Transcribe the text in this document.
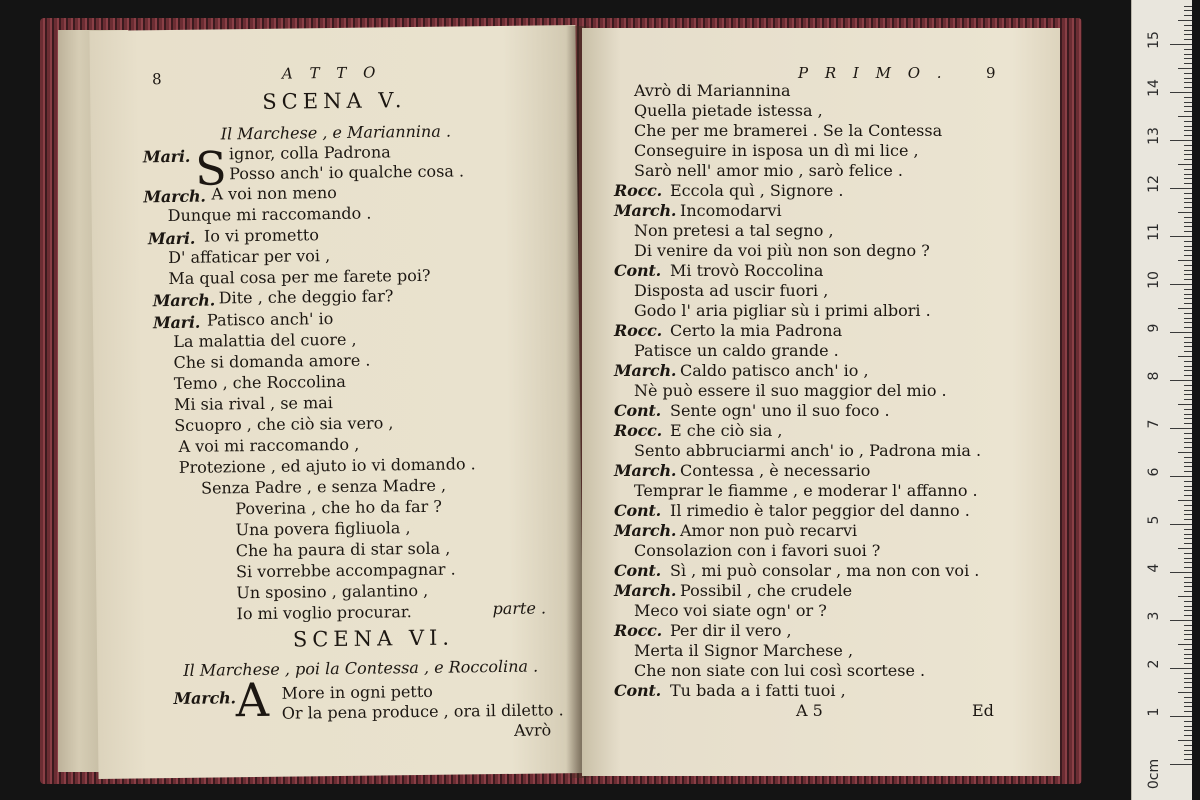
8	A T T O
SCENA V.
Il Marchese , e Mariannina .
S
Mari. ignor, colla Padrona
Posso anch' io qualche cosa .
March. A voi non meno
Dunque mi raccomando .
Mari. Io vi prometto
D' affaticar per voi ,
Ma qual cosa per me farete poi?
March. Dite , che deggio far?
Mari. Patisco anch' io
La malattia del cuore ,
Che si domanda amore .
Temo , che Roccolina
Mi sia rival , se mai
Scuopro , che ciò sia vero ,
A voi mi raccomando ,
Protezione , ed ajuto io vi domando .
Senza Padre , e senza Madre ,
Poverina , che ho da far ?
Una povera figliuola ,
Che ha paura di star sola ,
Si vorrebbe accompagnar .
Un sposino , galantino ,
Io mi voglio procurar.	parte .
SCENA VI.
Il Marchese , poi la Contessa , e Roccolina .
March. A More in ogni petto
Or la pena produce , ora il diletto .
Avrò
P R I M O .	9
Avrò di Mariannina
Quella pietade istessa ,
Che per me bramerei . Se la Contessa
Conseguire in isposa un dì mi lice ,
Sarò nell' amor mio , sarò felice .
Rocc. Eccola quì , Signore .
March. Incomodarvi
Non pretesi a tal segno ,
Di venire da voi più non son degno ?
Cont. Mi trovò Roccolina
Disposta ad uscir fuori ,
Godo l' aria pigliar sù i primi albori .
Rocc. Certo la mia Padrona
Patisce un caldo grande .
March. Caldo patisco anch' io ,
Nè può essere il suo maggior del mio .
Cont. Sente ogn' uno il suo foco .
Rocc. E che ciò sia ,
Sento abbruciarmi anch' io , Padrona mia .
March. Contessa , è necessario
Temprar le fiamme , e moderar l' affanno .
Cont. Il rimedio è talor peggior del danno .
March. Amor non può recarvi
Consolazion con i favori suoi ?
Cont. Sì , mi può consolar , ma non con voi .
March. Possibil , che crudele
Meco voi siate ogn' or ?
Rocc. Per dir il vero ,
Merta il Signor Marchese ,
Che non siate con lui così scortese .
Cont. Tu bada a i fatti tuoi ,
A 5	Ed
0cm
1
2
3
4
5
6
7
8
9
10
11
12
13
14
15
